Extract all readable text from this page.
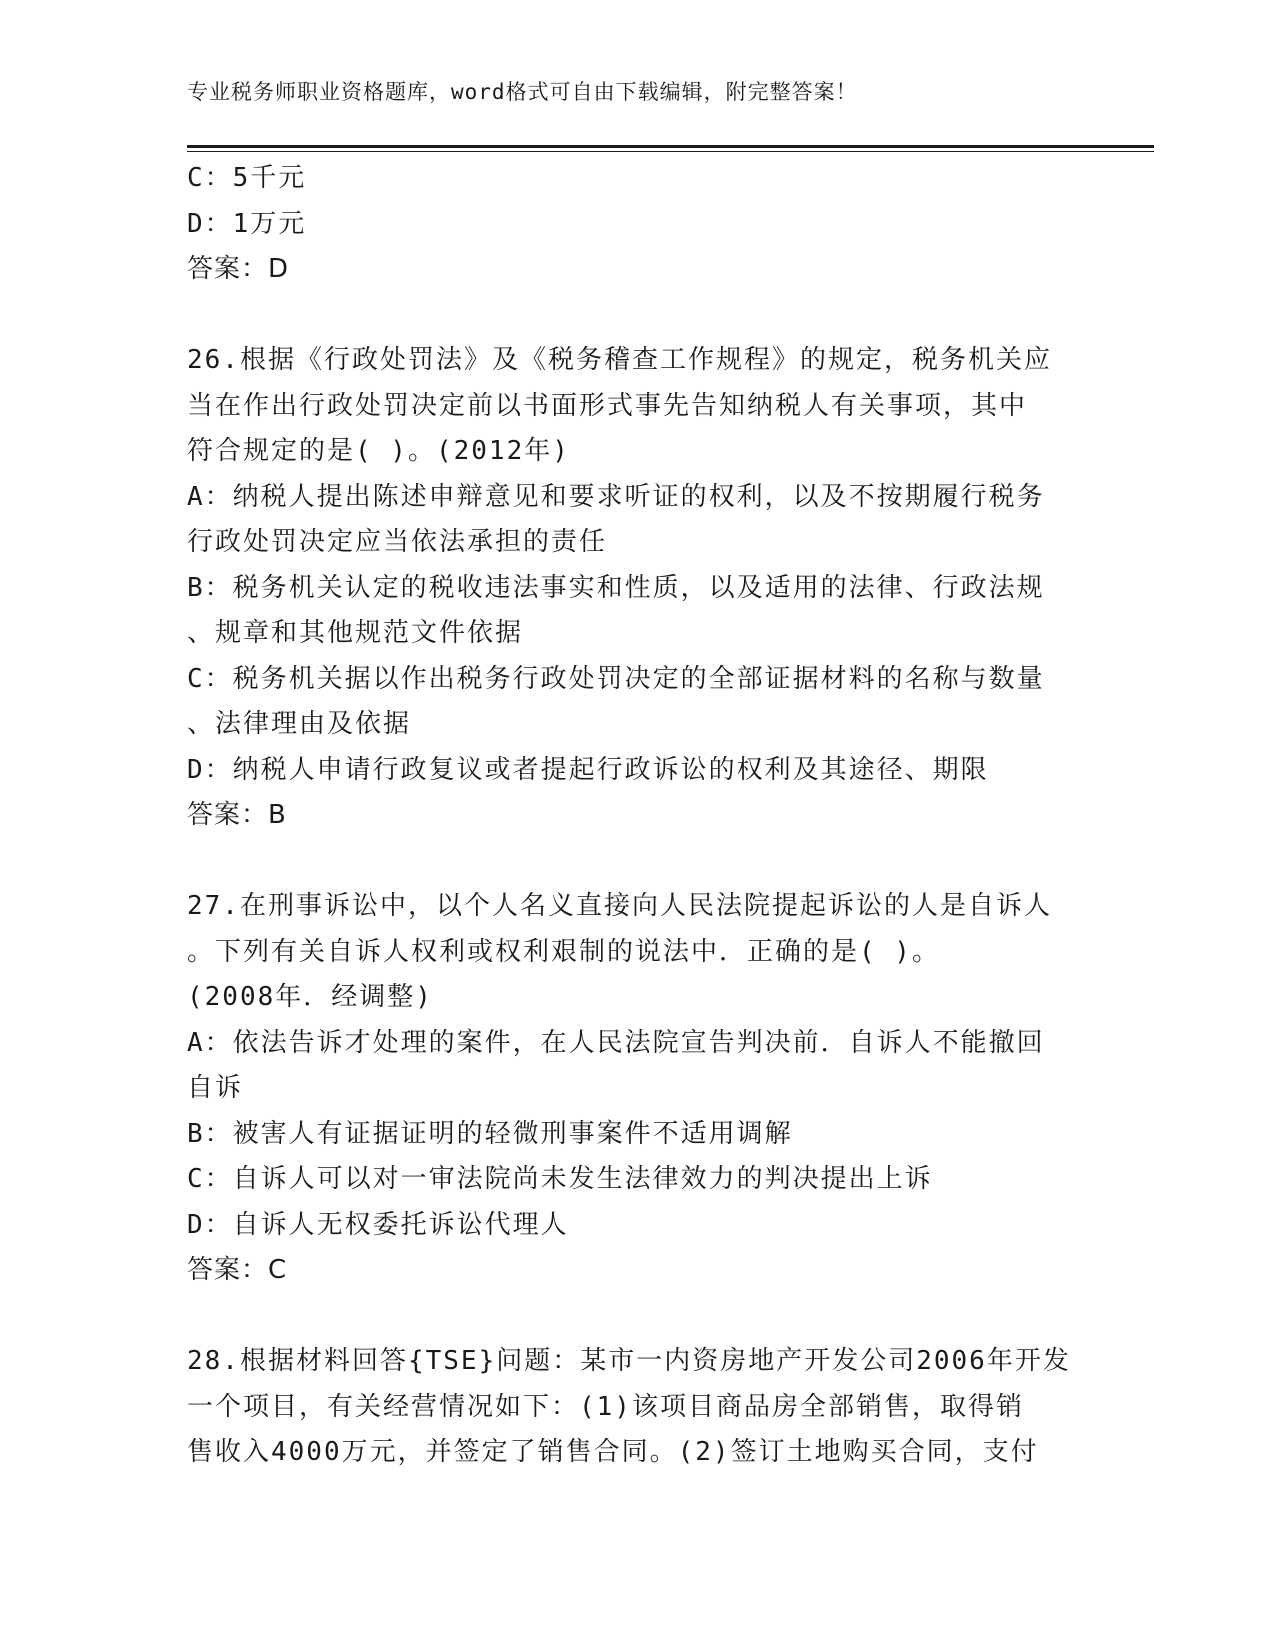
专业税务师职业资格题库，word格式可自由下载编辑，附完整答案！
C：5千元
D：1万元
答案：D
26.根据《行政处罚法》及《税务稽查工作规程》的规定，税务机关应
当在作出行政处罚决定前以书面形式事先告知纳税人有关事项，其中
符合规定的是( )。(2012年)
A：纳税人提出陈述申辩意见和要求听证的权利，以及不按期履行税务
行政处罚决定应当依法承担的责任
B：税务机关认定的税收违法事实和性质，以及适用的法律、行政法规
、规章和其他规范文件依据
C：税务机关据以作出税务行政处罚决定的全部证据材料的名称与数量
、法律理由及依据
D：纳税人申请行政复议或者提起行政诉讼的权利及其途径、期限
答案：B
27.在刑事诉讼中，以个人名义直接向人民法院提起诉讼的人是自诉人
。下列有关自诉人权利或权利艰制的说法中．正确的是( )。
(2008年．经调整)
A：依法告诉才处理的案件，在人民法院宣告判决前．自诉人不能撤回
自诉
B：被害人有证据证明的轻微刑事案件不适用调解
C：自诉人可以对一审法院尚未发生法律效力的判决提出上诉
D：自诉人无权委托诉讼代理人
答案：C
28.根据材料回答{TSE}问题：某市一内资房地产开发公司2006年开发
一个项目，有关经营情况如下：(1)该项目商品房全部销售，取得销
售收入4000万元，并签定了销售合同。(2)签订土地购买合同，支付
